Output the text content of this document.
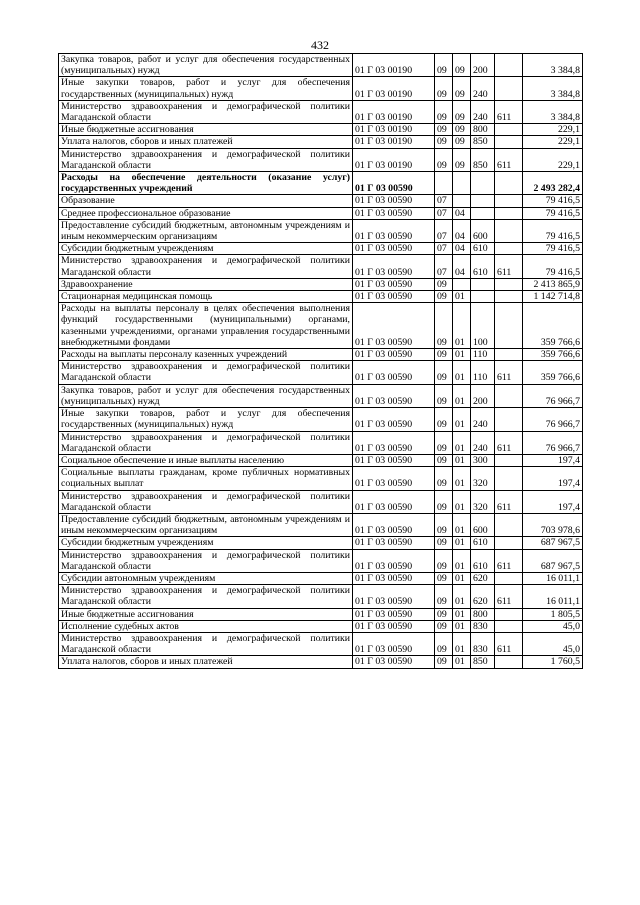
432
Закупка товаров, работ и услуг для обеспечения государственных (муниципальных) нужд	01 Г 03 00190	09	09	200		3 384,8
Иные закупки товаров, работ и услуг для обеспечения государственных (муниципальных) нужд	01 Г 03 00190	09	09	240		3 384,8
Министерство здравоохранения и демографической политики Магаданской области	01 Г 03 00190	09	09	240	611	3 384,8
Иные бюджетные ассигнования	01 Г 03 00190	09	09	800		229,1
Уплата налогов, сборов и иных платежей	01 Г 03 00190	09	09	850		229,1
Министерство здравоохранения и демографической политики Магаданской области	01 Г 03 00190	09	09	850	611	229,1
Расходы на обеспечение деятельности (оказание услуг) государственных учреждений	01 Г 03 00590					2 493 282,4
Образование	01 Г 03 00590	07				79 416,5
Среднее профессиональное образование	01 Г 03 00590	07	04			79 416,5
Предоставление субсидий бюджетным, автономным учреждениям и иным некоммерческим организациям	01 Г 03 00590	07	04	600		79 416,5
Субсидии бюджетным учреждениям	01 Г 03 00590	07	04	610		79 416,5
Министерство здравоохранения и демографической политики Магаданской области	01 Г 03 00590	07	04	610	611	79 416,5
Здравоохранение	01 Г 03 00590	09				2 413 865,9
Стационарная медицинская помощь	01 Г 03 00590	09	01			1 142 714,8
Расходы на выплаты персоналу в целях обеспечения выполнения функций государственными (муниципальными) органами, казенными учреждениями, органами управления государственными внебюджетными фондами	01 Г 03 00590	09	01	100		359 766,6
Расходы на выплаты персоналу казенных учреждений	01 Г 03 00590	09	01	110		359 766,6
Министерство здравоохранения и демографической политики Магаданской области	01 Г 03 00590	09	01	110	611	359 766,6
Закупка товаров, работ и услуг для обеспечения государственных (муниципальных) нужд	01 Г 03 00590	09	01	200		76 966,7
Иные закупки товаров, работ и услуг для обеспечения государственных (муниципальных) нужд	01 Г 03 00590	09	01	240		76 966,7
Министерство здравоохранения и демографической политики Магаданской области	01 Г 03 00590	09	01	240	611	76 966,7
Социальное обеспечение и иные выплаты населению	01 Г 03 00590	09	01	300		197,4
Социальные выплаты гражданам, кроме публичных нормативных социальных выплат	01 Г 03 00590	09	01	320		197,4
Министерство здравоохранения и демографической политики Магаданской области	01 Г 03 00590	09	01	320	611	197,4
Предоставление субсидий бюджетным, автономным учреждениям и иным некоммерческим организациям	01 Г 03 00590	09	01	600		703 978,6
Субсидии бюджетным учреждениям	01 Г 03 00590	09	01	610		687 967,5
Министерство здравоохранения и демографической политики Магаданской области	01 Г 03 00590	09	01	610	611	687 967,5
Субсидии автономным учреждениям	01 Г 03 00590	09	01	620		16 011,1
Министерство здравоохранения и демографической политики Магаданской области	01 Г 03 00590	09	01	620	611	16 011,1
Иные бюджетные ассигнования	01 Г 03 00590	09	01	800		1 805,5
Исполнение судебных актов	01 Г 03 00590	09	01	830		45,0
Министерство здравоохранения и демографической политики Магаданской области	01 Г 03 00590	09	01	830	611	45,0
Уплата налогов, сборов и иных платежей	01 Г 03 00590	09	01	850		1 760,5
